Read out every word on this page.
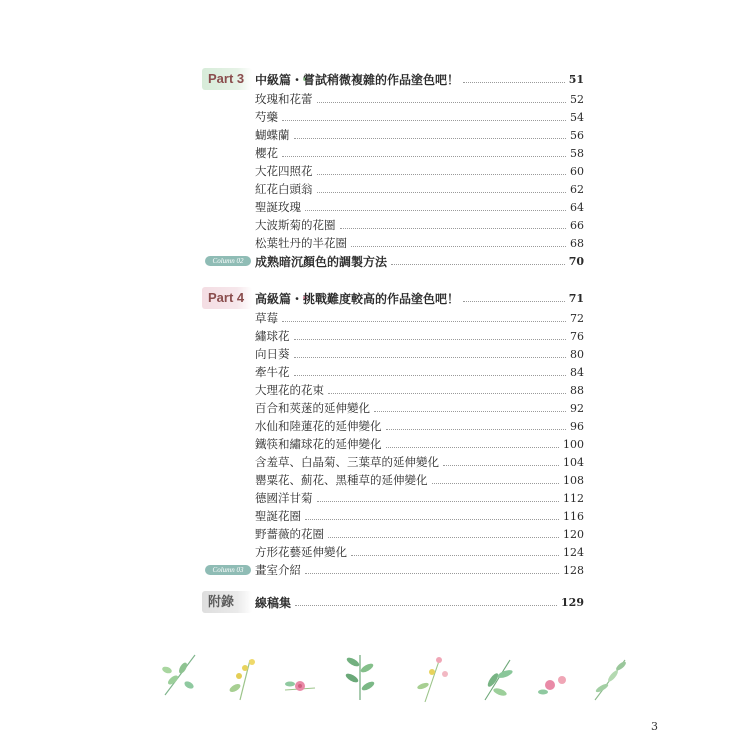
Part 3 中級篇・嘗試稍微複雜的作品塗色吧！	51
玫瑰和花蕾	52
芍藥	54
蝴蝶蘭	56
櫻花	58
大花四照花	60
紅花白頭翁	62
聖誕玫瑰	64
大波斯菊的花圈	66
松葉牡丹的半花圈	68
Column 02 成熟暗沉顏色的調製方法	70
Part 4 高級篇・挑戰難度較高的作品塗色吧！	71
草莓	72
繡球花	76
向日葵	80
牽牛花	84
大理花的花束	88
百合和莢蒾的延伸變化	92
水仙和陸蓮花的延伸變化	96
鐵筷和繡球花的延伸變化	100
含羞草、白晶菊、三葉草的延伸變化	104
罌粟花、薊花、黑種草的延伸變化	108
德國洋甘菊	112
聖誕花圈	116
野薔薇的花圈	120
方形花藝延伸變化	124
Column 03	畫室介紹	128
附錄	線稿集	129
3
